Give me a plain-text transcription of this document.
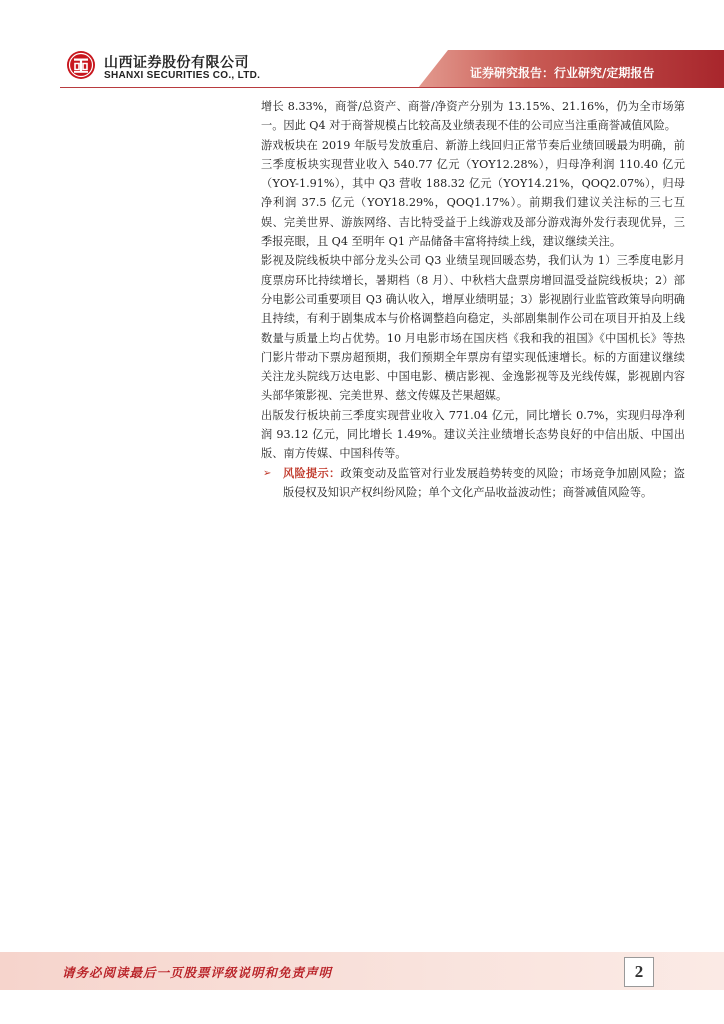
山西证券股份有限公司
SHANXI SECURITIES CO., LTD.	证券研究报告：行业研究/定期报告

增长 8.33%，商誉/总资产、商誉/净资产分别为 13.15%、21.16%，仍为全市场第一。因此 Q4 对于商誉规模占比较高及业绩表现不佳的公司应当注重商誉减值风险。

游戏板块在 2019 年版号发放重启、新游上线回归正常节奏后业绩回暖最为明确，前三季度板块实现营业收入 540.77 亿元（YOY12.28%），归母净利润 110.40 亿元（YOY-1.91%），其中 Q3 营收 188.32 亿元（YOY14.21%，QOQ2.07%），归母净利润 37.5 亿元（YOY18.29%，QOQ1.17%）。前期我们建议关注标的三七互娱、完美世界、游族网络、吉比特受益于上线游戏及部分游戏海外发行表现优异，三季报亮眼，且 Q4 至明年 Q1 产品储备丰富将持续上线，建议继续关注。

影视及院线板块中部分龙头公司 Q3 业绩呈现回暖态势，我们认为 1）三季度电影月度票房环比持续增长，暑期档（8 月）、中秋档大盘票房增回温受益院线板块；2）部分电影公司重要项目 Q3 确认收入，增厚业绩明显；3）影视剧行业监管政策导向明确且持续，有利于剧集成本与价格调整趋向稳定，头部剧集制作公司在项目开拍及上线数量与质量上均占优势。10 月电影市场在国庆档《我和我的祖国》《中国机长》等热门影片带动下票房超预期，我们预期全年票房有望实现低速增长。标的方面建议继续关注龙头院线万达电影、中国电影、横店影视、金逸影视等及光线传媒，影视剧内容头部华策影视、完美世界、慈文传媒及芒果超媒。

出版发行板块前三季度实现营业收入 771.04 亿元，同比增长 0.7%，实现归母净利润 93.12 亿元，同比增长 1.49%。建议关注业绩增长态势良好的中信出版、中国出版、南方传媒、中国科传等。

➢	风险提示：政策变动及监管对行业发展趋势转变的风险；市场竞争加剧风险；盗版侵权及知识产权纠纷风险；单个文化产品收益波动性；商誉减值风险等。

请务必阅读最后一页股票评级说明和免责声明	2
